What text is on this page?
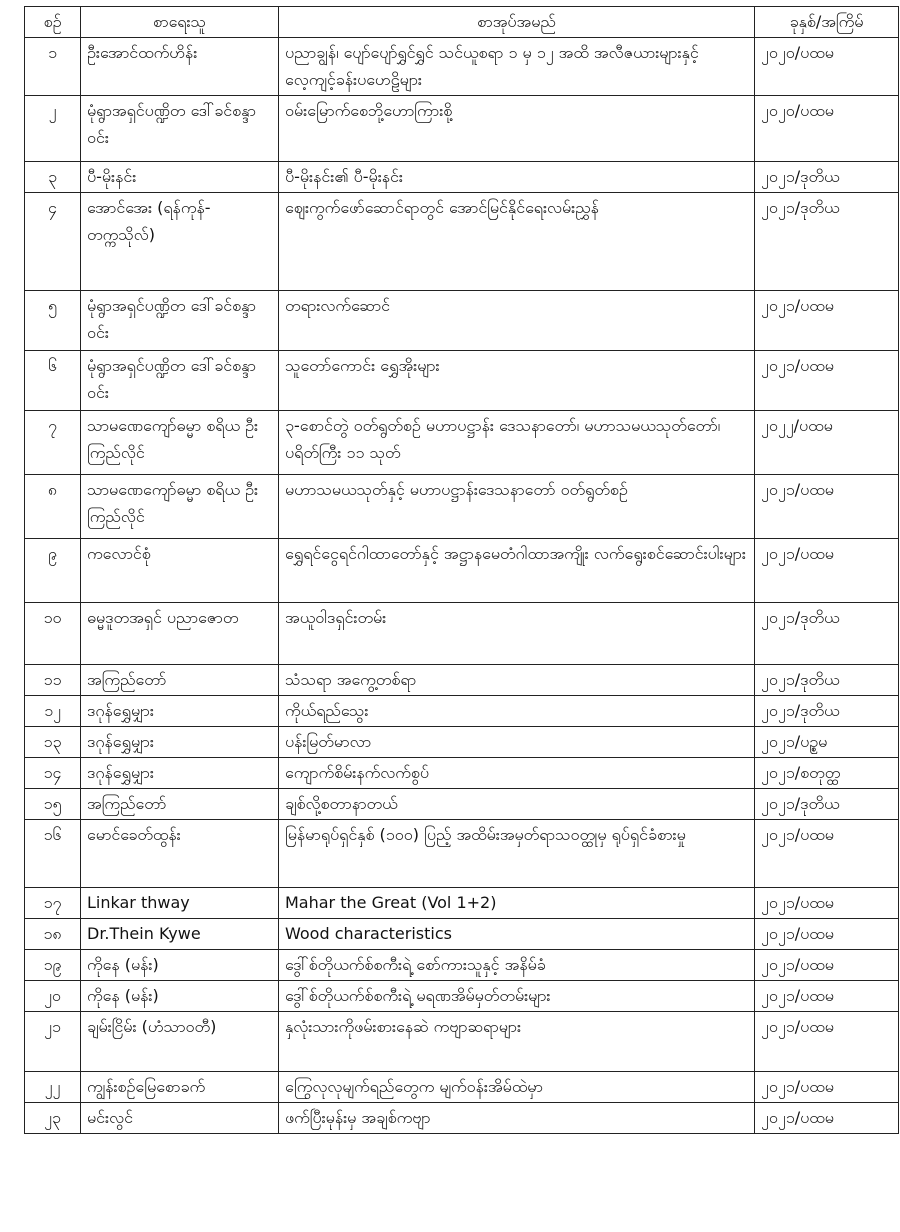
စဉ်	စာရေးသူ	စာအုပ်အမည်	ခုနှစ်/အကြိမ်
၁	ဦးအောင်ထက်ဟိန်း	ပညာချွန်၊ ပျော်ပျော်ရွှင်ရွှင် သင်ယူစရာ ၁ မှ ၁၂ အထိ အလီဇယားများနှင့် လေ့ကျင့်ခန်းပဟေဠိများ	၂၀၂၀/ပထမ
၂	မုံရွာအရှင်ပဏ္ဍိတ ဒေါ်ခင်စန္ဒာဝင်း	ဝမ်းမြောက်စေဘို့ဟောကြားစို့	၂၀၂၀/ပထမ
၃	ပီ-မိုးနင်း	ပီ-မိုးနင်း၏ ပီ-မိုးနင်း	၂၀၂၁/ဒုတိယ
၄	အောင်အေး (ရန်ကုန်-တက္ကသိုလ်)	ဈေးကွက်ဖော်ဆောင်ရာတွင် အောင်မြင်နိုင်ရေးလမ်းညွှန်	၂၀၂၁/ဒုတိယ
၅	မုံရွာအရှင်ပဏ္ဍိတ ဒေါ်ခင်စန္ဒာဝင်း	တရားလက်ဆောင်	၂၀၂၁/ပထမ
၆	မုံရွာအရှင်ပဏ္ဍိတ ဒေါ်ခင်စန္ဒာဝင်း	သူတော်ကောင်း ရွှေအိုးများ	၂၀၂၁/ပထမ
၇	သာမဏေကျော်ဓမ္မာ စရိယ ဦးကြည်လိုင်	၃-စောင်တွဲ ဝတ်ရွတ်စဉ် မဟာပဋ္ဌာန်း ဒေသနာတော်၊ မဟာသမယသုတ်တော်၊ ပရိတ်ကြီး ၁၁ သုတ်	၂၀၂၂/ပထမ
၈	သာမဏေကျော်ဓမ္မာ စရိယ ဦးကြည်လိုင်	မဟာသမယသုတ်နှင့် မဟာပဋ္ဌာန်းဒေသနာတော် ဝတ်ရွတ်စဉ်	၂၀၂၁/ပထမ
၉	ကလောင်စုံ	ရွှေရင်ငွေရင်ဂါထာတော်နှင့် အဋ္ဌာနမေတံဂါထာအကျိုး လက်ရွေးစင်ဆောင်းပါးများ	၂၀၂၁/ပထမ
၁၀	ဓမ္မဒူတအရှင် ပညာဇောတ	အယူဝါဒရှင်းတမ်း	၂၀၂၁/ဒုတိယ
၁၁	အကြည်တော်	သံသရာ အကွေ့တစ်ရာ	၂၀၂၁/ဒုတိယ
၁၂	ဒဂုန်ရွှေမျှား	ကိုယ်ရည်သွေး	၂၀၂၁/ဒုတိယ
၁၃	ဒဂုန်ရွှေမျှား	ပန်းမြတ်မာလာ	၂၀၂၁/ပဥ္စမ
၁၄	ဒဂုန်ရွှေမျှား	ကျောက်စိမ်းနက်လက်စွပ်	၂၀၂၁/စတုတ္ထ
၁၅	အကြည်တော်	ချစ်လို့စတာနာတယ်	၂၀၂၁/ဒုတိယ
၁၆	မောင်ခေတ်ထွန်း	မြန်မာရုပ်ရှင်နှစ် (၁၀၀) ပြည့် အထိမ်းအမှတ်ရာသဝတ္ထုမှ ရုပ်ရှင်ခံစားမှု	၂၀၂၁/ပထမ
၁၇	Linkar thway	Mahar the Great (Vol 1+2)	၂၀၂၁/ပထမ
၁၈	Dr.Thein Kywe	Wood characteristics	၂၀၂၁/ပထမ
၁၉	ကိုနေ (မန်း)	ဒွေါ်စ်တိုယက်စ်စကီးရဲ့ စော်ကားသူနှင့် အနိမ်ခံ	၂၀၂၁/ပထမ
၂၀	ကိုနေ (မန်း)	ဒွေါ်စ်တိုယက်စ်စကီးရဲ့ မရဏအိမ်မှတ်တမ်းများ	၂၀၂၁/ပထမ
၂၁	ချမ်းငြိမ်း (ဟံသာဝတီ)	နှလုံးသားကိုဖမ်းစားနေဆဲ ကဗျာဆရာများ	၂၀၂၁/ပထမ
၂၂	ကျွန်းစဉ်မြေစောခက်	ကြွေလုလုမျက်ရည်တွေက မျက်ဝန်းအိမ်ထဲမှာ	၂၀၂၁/ပထမ
၂၃	မင်းလွင်	ဖက်ပြီးမုန်းမှ အချစ်ကဗျာ	၂၀၂၁/ပထမ
